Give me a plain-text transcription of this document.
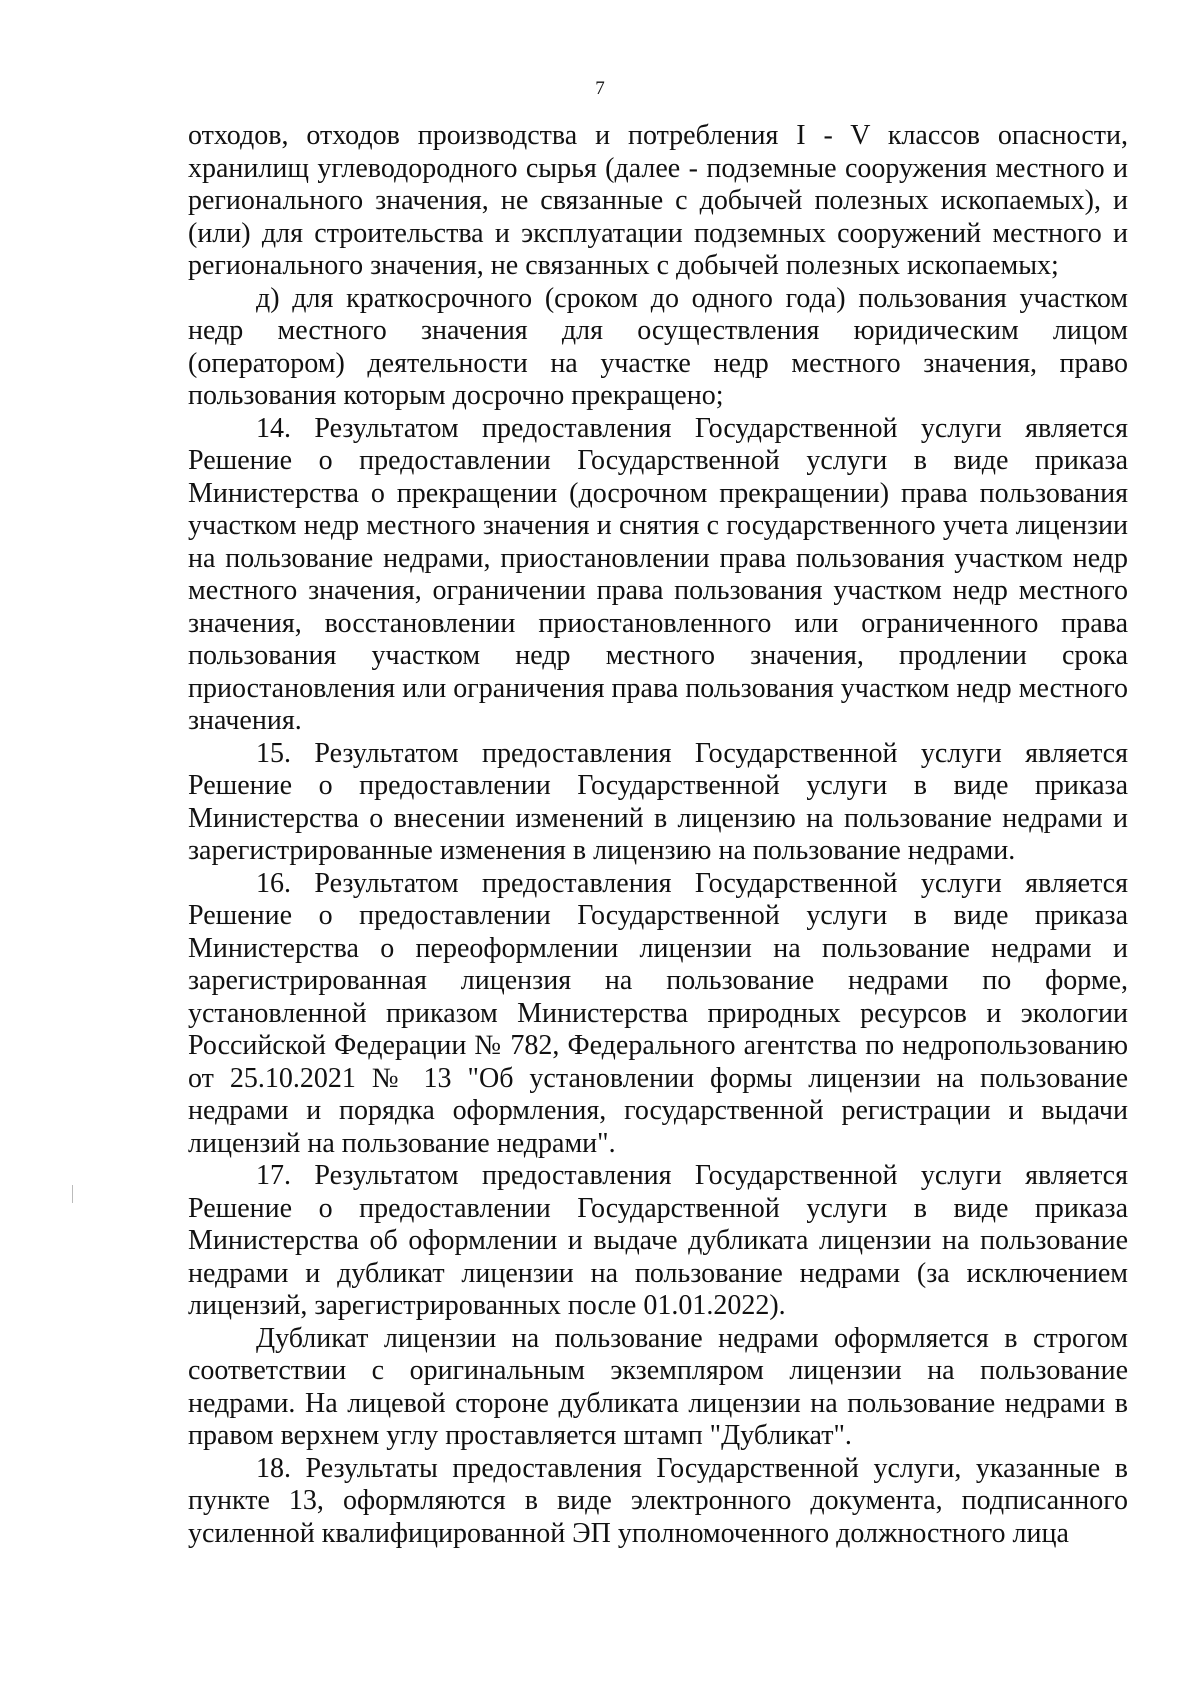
7

отходов, отходов производства и потребления I - V классов опасности, хранилищ углеводородного сырья (далее - подземные сооружения местного и регионального значения, не связанные с добычей полезных ископаемых), и (или) для строительства и эксплуатации подземных сооружений местного и регионального значения, не связанных с добычей полезных ископаемых;

д) для краткосрочного (сроком до одного года) пользования участком недр местного значения для осуществления юридическим лицом (оператором) деятельности на участке недр местного значения, право пользования которым досрочно прекращено;

14. Результатом предоставления Государственной услуги является Решение о предоставлении Государственной услуги в виде приказа Министерства о прекращении (досрочном прекращении) права пользования участком недр местного значения и снятия с государственного учета лицензии на пользование недрами, приостановлении права пользования участком недр местного значения, ограничении права пользования участком недр местного значения, восстановлении приостановленного или ограниченного права пользования участком недр местного значения, продлении срока приостановления или ограничения права пользования участком недр местного значения.

15. Результатом предоставления Государственной услуги является Решение о предоставлении Государственной услуги в виде приказа Министерства о внесении изменений в лицензию на пользование недрами и зарегистрированные изменения в лицензию на пользование недрами.

16. Результатом предоставления Государственной услуги является Решение о предоставлении Государственной услуги в виде приказа Министерства о переоформлении лицензии на пользование недрами и зарегистрированная лицензия на пользование недрами по форме, установленной приказом Министерства природных ресурсов и экологии Российской Федерации № 782, Федерального агентства по недропользованию от 25.10.2021 № 13 "Об установлении формы лицензии на пользование недрами и порядка оформления, государственной регистрации и выдачи лицензий на пользование недрами".

17. Результатом предоставления Государственной услуги является Решение о предоставлении Государственной услуги в виде приказа Министерства об оформлении и выдаче дубликата лицензии на пользование недрами и дубликат лицензии на пользование недрами (за исключением лицензий, зарегистрированных после 01.01.2022).

Дубликат лицензии на пользование недрами оформляется в строгом соответствии с оригинальным экземпляром лицензии на пользование недрами. На лицевой стороне дубликата лицензии на пользование недрами в правом верхнем углу проставляется штамп "Дубликат".

18. Результаты предоставления Государственной услуги, указанные в пункте 13, оформляются в виде электронного документа, подписанного усиленной квалифицированной ЭП уполномоченного должностного лица
